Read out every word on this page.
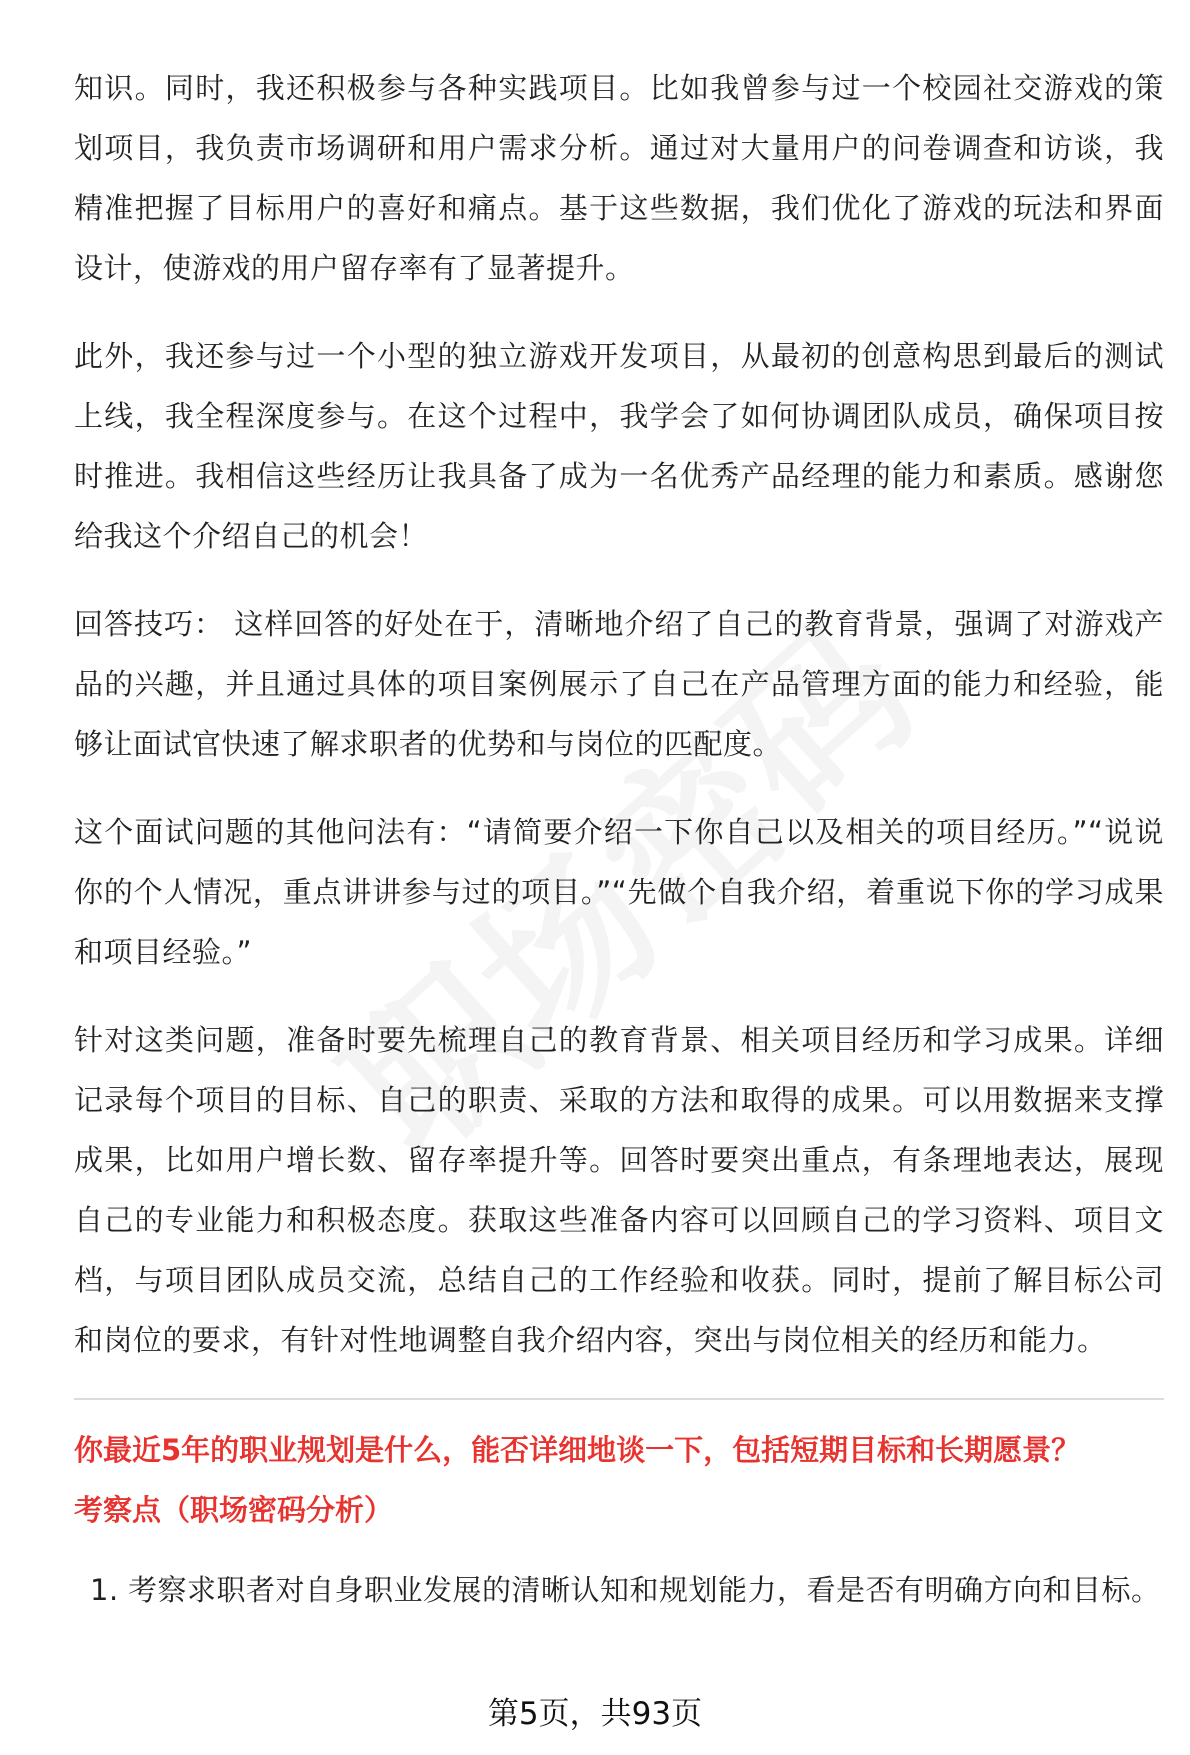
知识。同时，我还积极参与各种实践项目。比如我曾参与过一个校园社交游戏的策划项目，我负责市场调研和用户需求分析。通过对大量用户的问卷调查和访谈，我精准把握了目标用户的喜好和痛点。基于这些数据，我们优化了游戏的玩法和界面设计，使游戏的用户留存率有了显著提升。

此外，我还参与过一个小型的独立游戏开发项目，从最初的创意构思到最后的测试上线，我全程深度参与。在这个过程中，我学会了如何协调团队成员，确保项目按时推进。我相信这些经历让我具备了成为一名优秀产品经理的能力和素质。感谢您给我这个介绍自己的机会！

回答技巧： 这样回答的好处在于，清晰地介绍了自己的教育背景，强调了对游戏产品的兴趣，并且通过具体的项目案例展示了自己在产品管理方面的能力和经验，能够让面试官快速了解求职者的优势和与岗位的匹配度。

这个面试问题的其他问法有：“请简要介绍一下你自己以及相关的项目经历。”“说说你的个人情况，重点讲讲参与过的项目。”“先做个自我介绍，着重说下你的学习成果和项目经验。”

针对这类问题，准备时要先梳理自己的教育背景、相关项目经历和学习成果。详细记录每个项目的目标、自己的职责、采取的方法和取得的成果。可以用数据来支撑成果，比如用户增长数、留存率提升等。回答时要突出重点，有条理地表达，展现自己的专业能力和积极态度。获取这些准备内容可以回顾自己的学习资料、项目文档，与项目团队成员交流，总结自己的工作经验和收获。同时，提前了解目标公司和岗位的要求，有针对性地调整自我介绍内容，突出与岗位相关的经历和能力。

你最近5年的职业规划是什么，能否详细地谈一下，包括短期目标和长期愿景？

考察点（职场密码分析）

1. 考察求职者对自身职业发展的清晰认知和规划能力，看是否有明确方向和目标。
第5页，共93页
